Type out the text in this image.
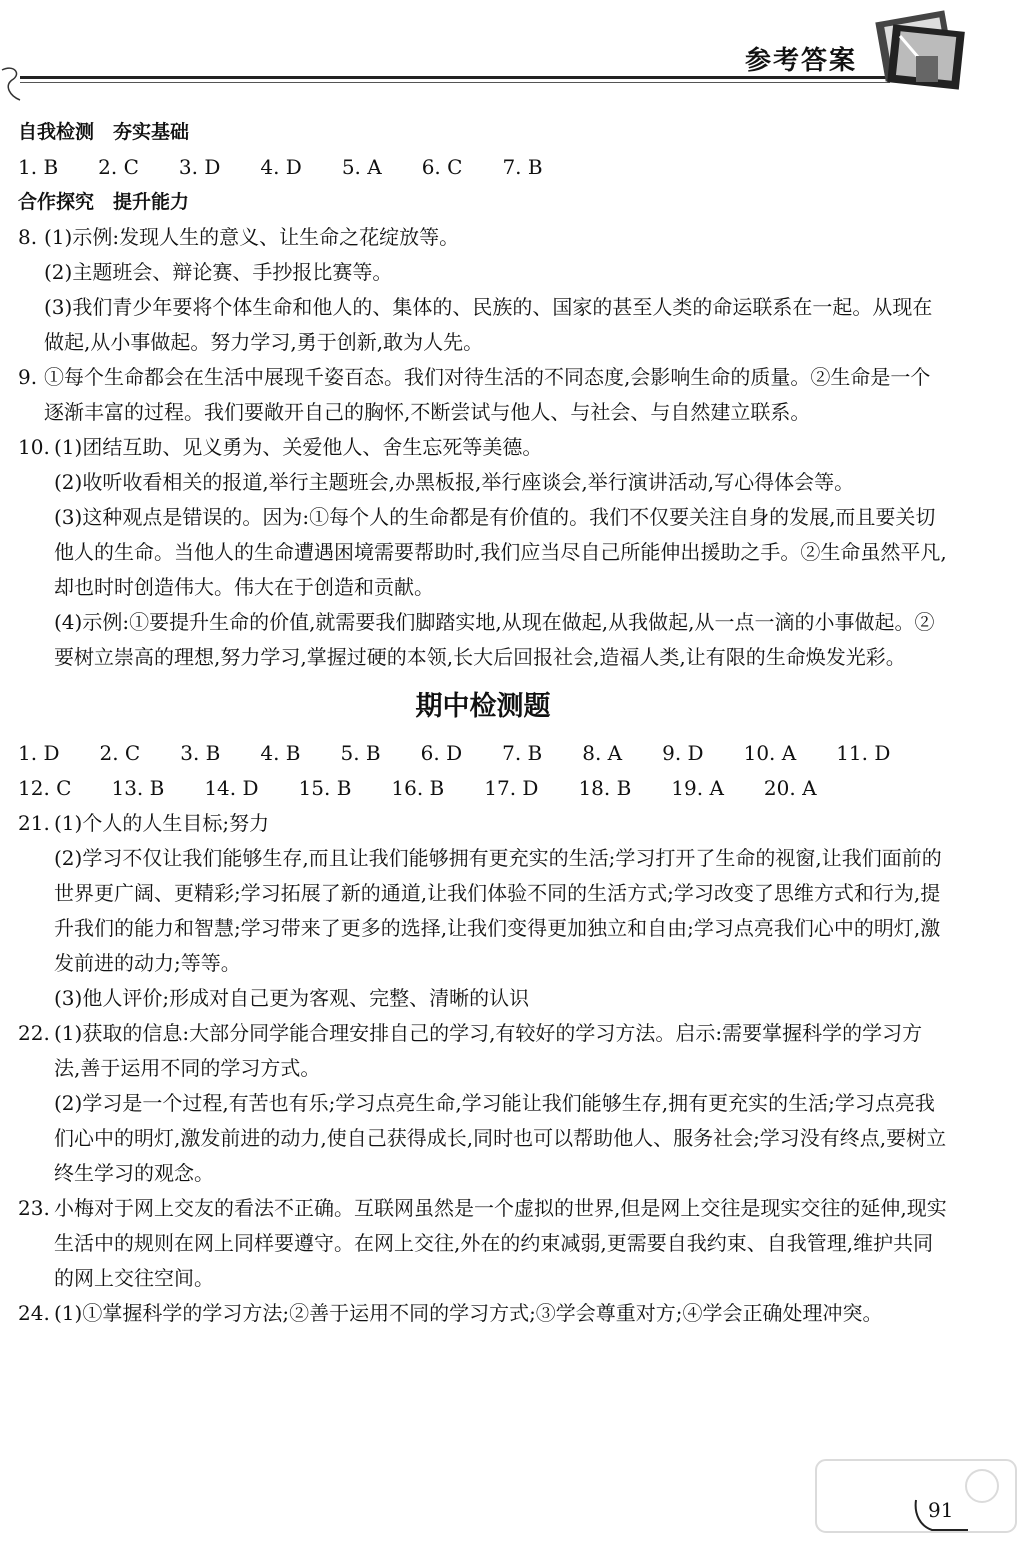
参考答案
自我检测　夯实基础
1. B　　2. C　　3. D　　4. D　　5. A　　6. C　　7. B
合作探究　提升能力
8. (1)示例:发现人生的意义、让生命之花绽放等。
(2)主题班会、辩论赛、手抄报比赛等。
(3)我们青少年要将个体生命和他人的、集体的、民族的、国家的甚至人类的命运联系在一起。从现在做起,从小事做起。努力学习,勇于创新,敢为人先。
9. ①每个生命都会在生活中展现千姿百态。我们对待生活的不同态度,会影响生命的质量。②生命是一个逐渐丰富的过程。我们要敞开自己的胸怀,不断尝试与他人、与社会、与自然建立联系。
10. (1)团结互助、见义勇为、关爱他人、舍生忘死等美德。
(2)收听收看相关的报道,举行主题班会,办黑板报,举行座谈会,举行演讲活动,写心得体会等。
(3)这种观点是错误的。因为:①每个人的生命都是有价值的。我们不仅要关注自身的发展,而且要关切他人的生命。当他人的生命遭遇困境需要帮助时,我们应当尽自己所能伸出援助之手。②生命虽然平凡,却也时时创造伟大。伟大在于创造和贡献。
(4)示例:①要提升生命的价值,就需要我们脚踏实地,从现在做起,从我做起,从一点一滴的小事做起。②要树立崇高的理想,努力学习,掌握过硬的本领,长大后回报社会,造福人类,让有限的生命焕发光彩。
期中检测题
1. D　　2. C　　3. B　　4. B　　5. B　　6. D　　7. B　　8. A　　9. D　　10. A　　11. D
12. C　　13. B　　14. D　　15. B　　16. B　　17. D　　18. B　　19. A　　20. A
21. (1)个人的人生目标;努力
(2)学习不仅让我们能够生存,而且让我们能够拥有更充实的生活;学习打开了生命的视窗,让我们面前的世界更广阔、更精彩;学习拓展了新的通道,让我们体验不同的生活方式;学习改变了思维方式和行为,提升我们的能力和智慧;学习带来了更多的选择,让我们变得更加独立和自由;学习点亮我们心中的明灯,激发前进的动力;等等。
(3)他人评价;形成对自己更为客观、完整、清晰的认识
22. (1)获取的信息:大部分同学能合理安排自己的学习,有较好的学习方法。启示:需要掌握科学的学习方法,善于运用不同的学习方式。
(2)学习是一个过程,有苦也有乐;学习点亮生命,学习能让我们能够生存,拥有更充实的生活;学习点亮我们心中的明灯,激发前进的动力,使自己获得成长,同时也可以帮助他人、服务社会;学习没有终点,要树立终生学习的观念。
23. 小梅对于网上交友的看法不正确。互联网虽然是一个虚拟的世界,但是网上交往是现实交往的延伸,现实生活中的规则在网上同样要遵守。在网上交往,外在的约束减弱,更需要自我约束、自我管理,维护共同的网上交往空间。
24. (1)①掌握科学的学习方法;②善于运用不同的学习方式;③学会尊重对方;④学会正确处理冲突。
91
